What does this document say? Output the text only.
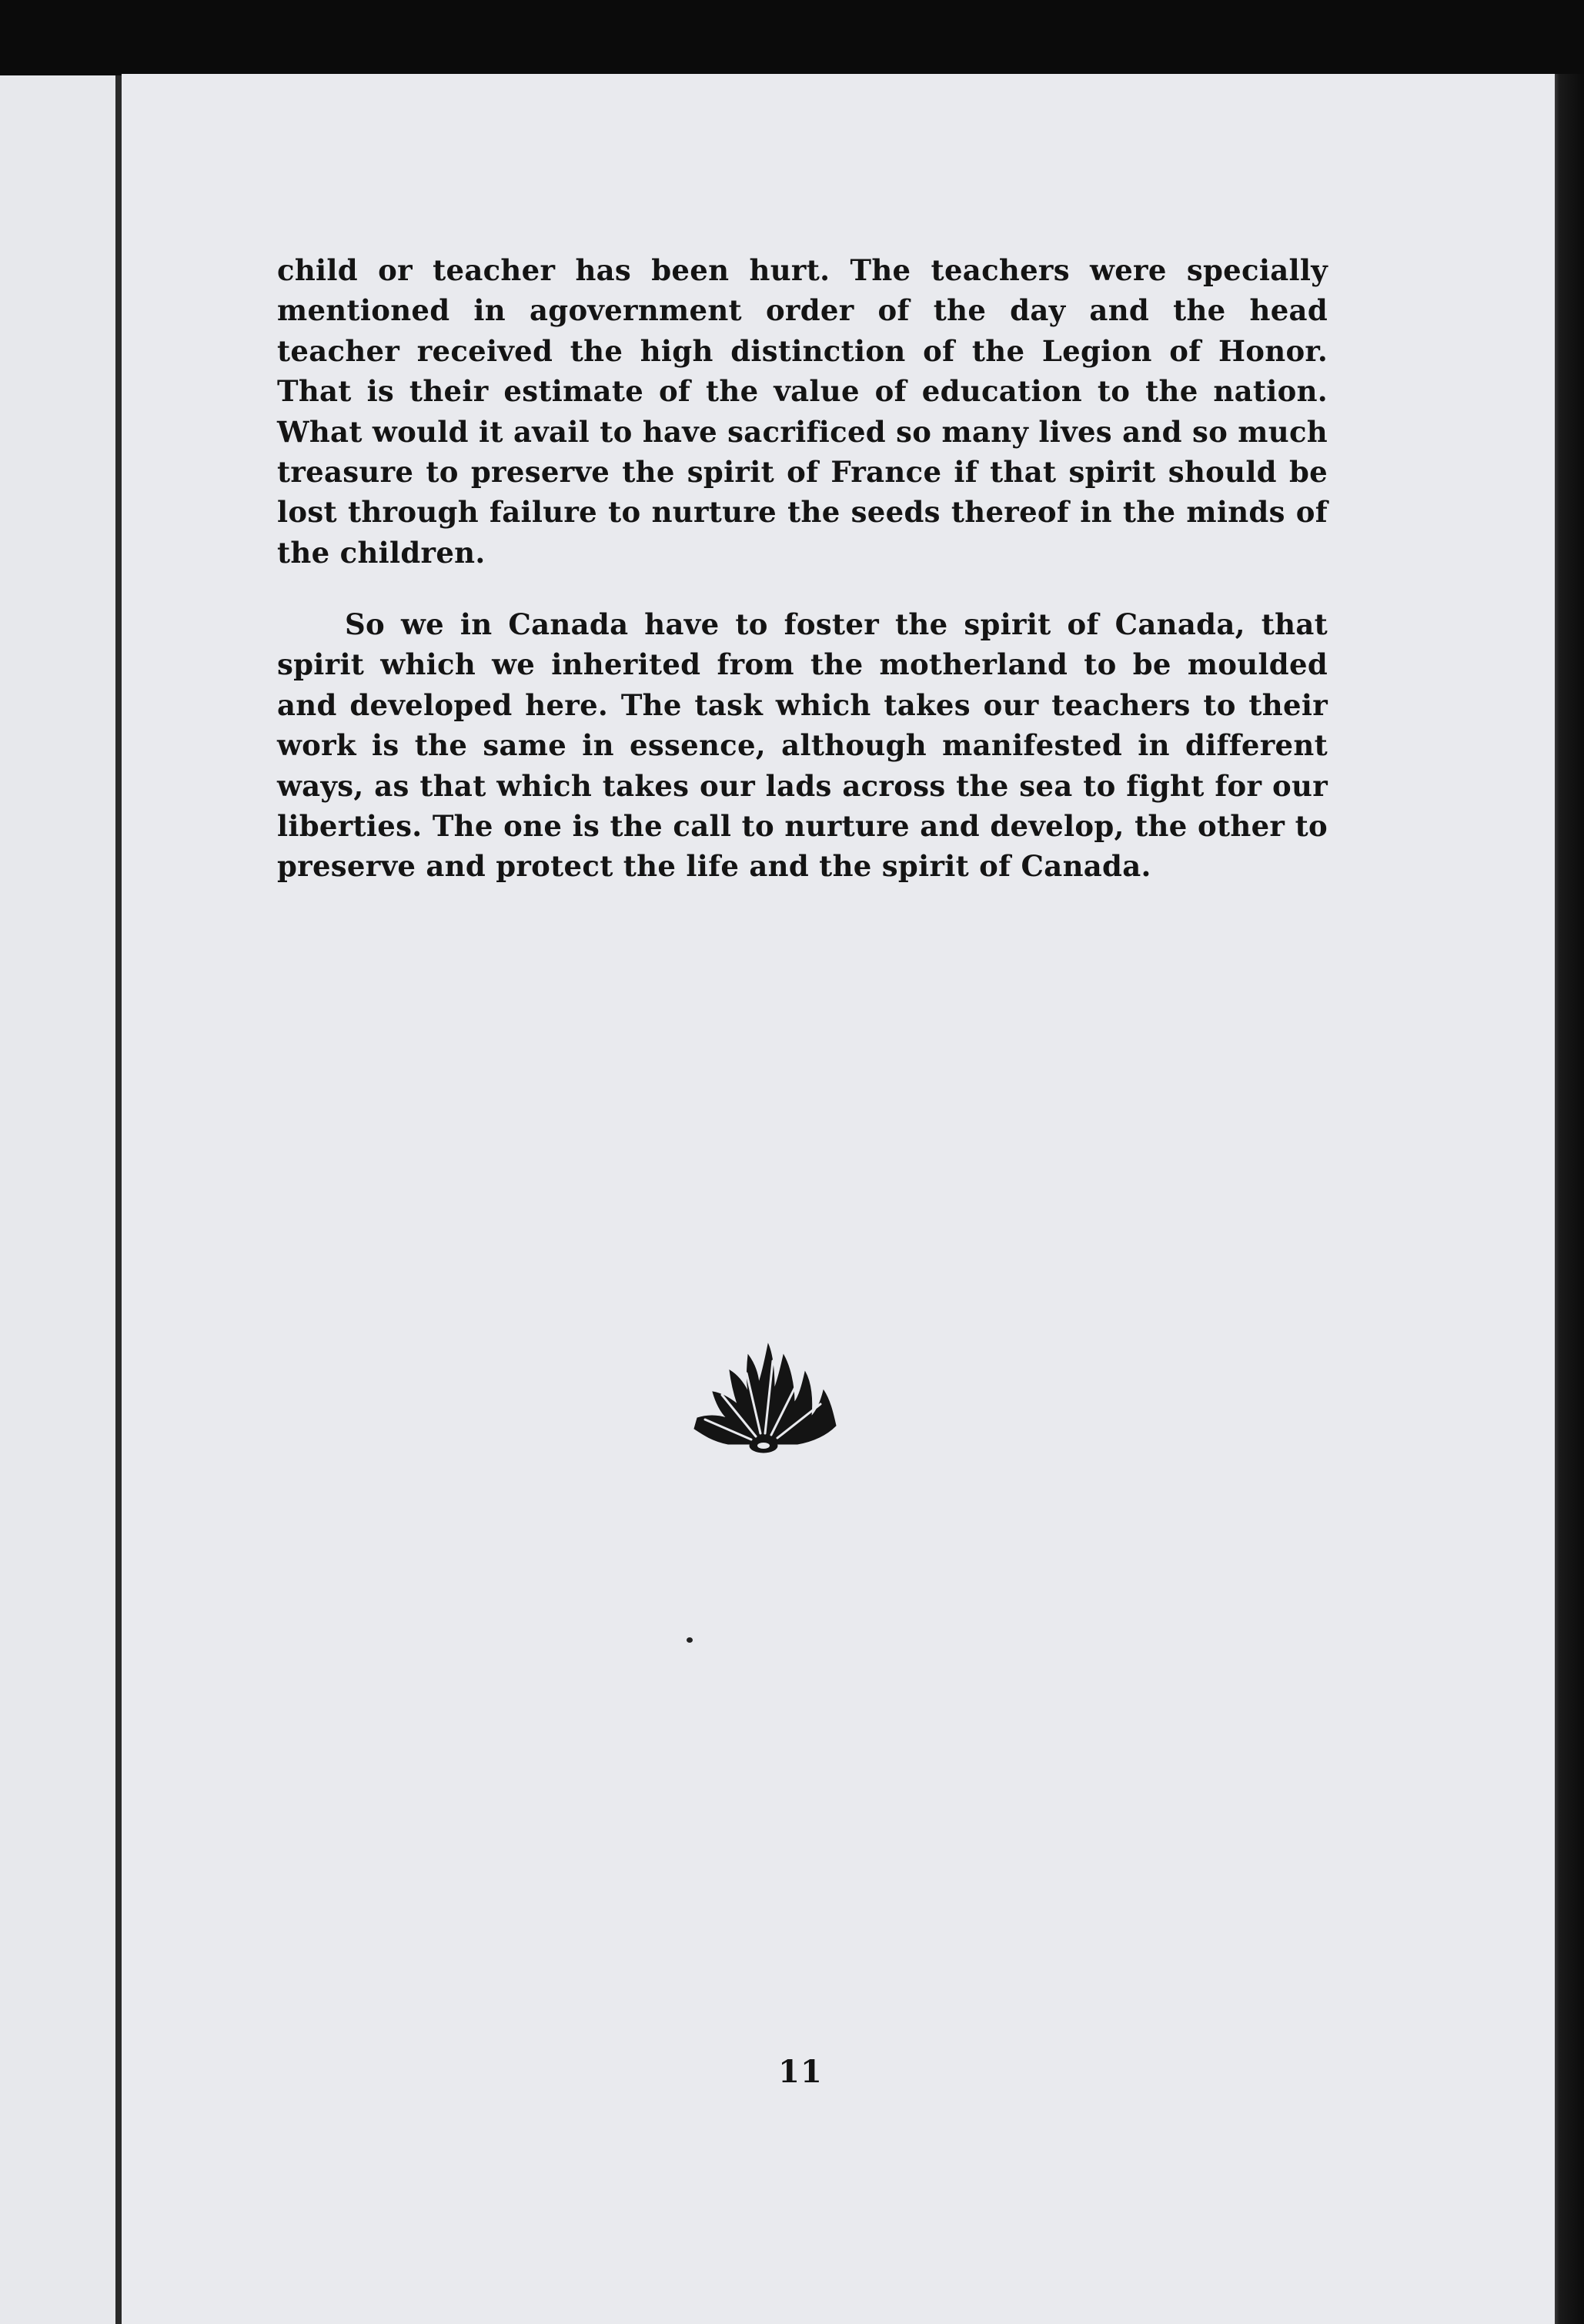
child or teacher has been hurt. The teachers were specially mentioned in agovernment order of the day and the head teacher received the high distinction of the Legion of Honor. That is their estimate of the value of education to the nation. What would it avail to have sacrificed so many lives and so much treasure to preserve the spirit of France if that spirit should be lost through failure to nurture the seeds thereof in the minds of the children.

So we in Canada have to foster the spirit of Canada, that spirit which we inherited from the motherland to be moulded and developed here. The task which takes our teachers to their work is the same in essence, although manifested in different ways, as that which takes our lads across the sea to fight for our liberties. The one is the call to nurture and develop, the other to preserve and protect the life and the spirit of Canada.

11
